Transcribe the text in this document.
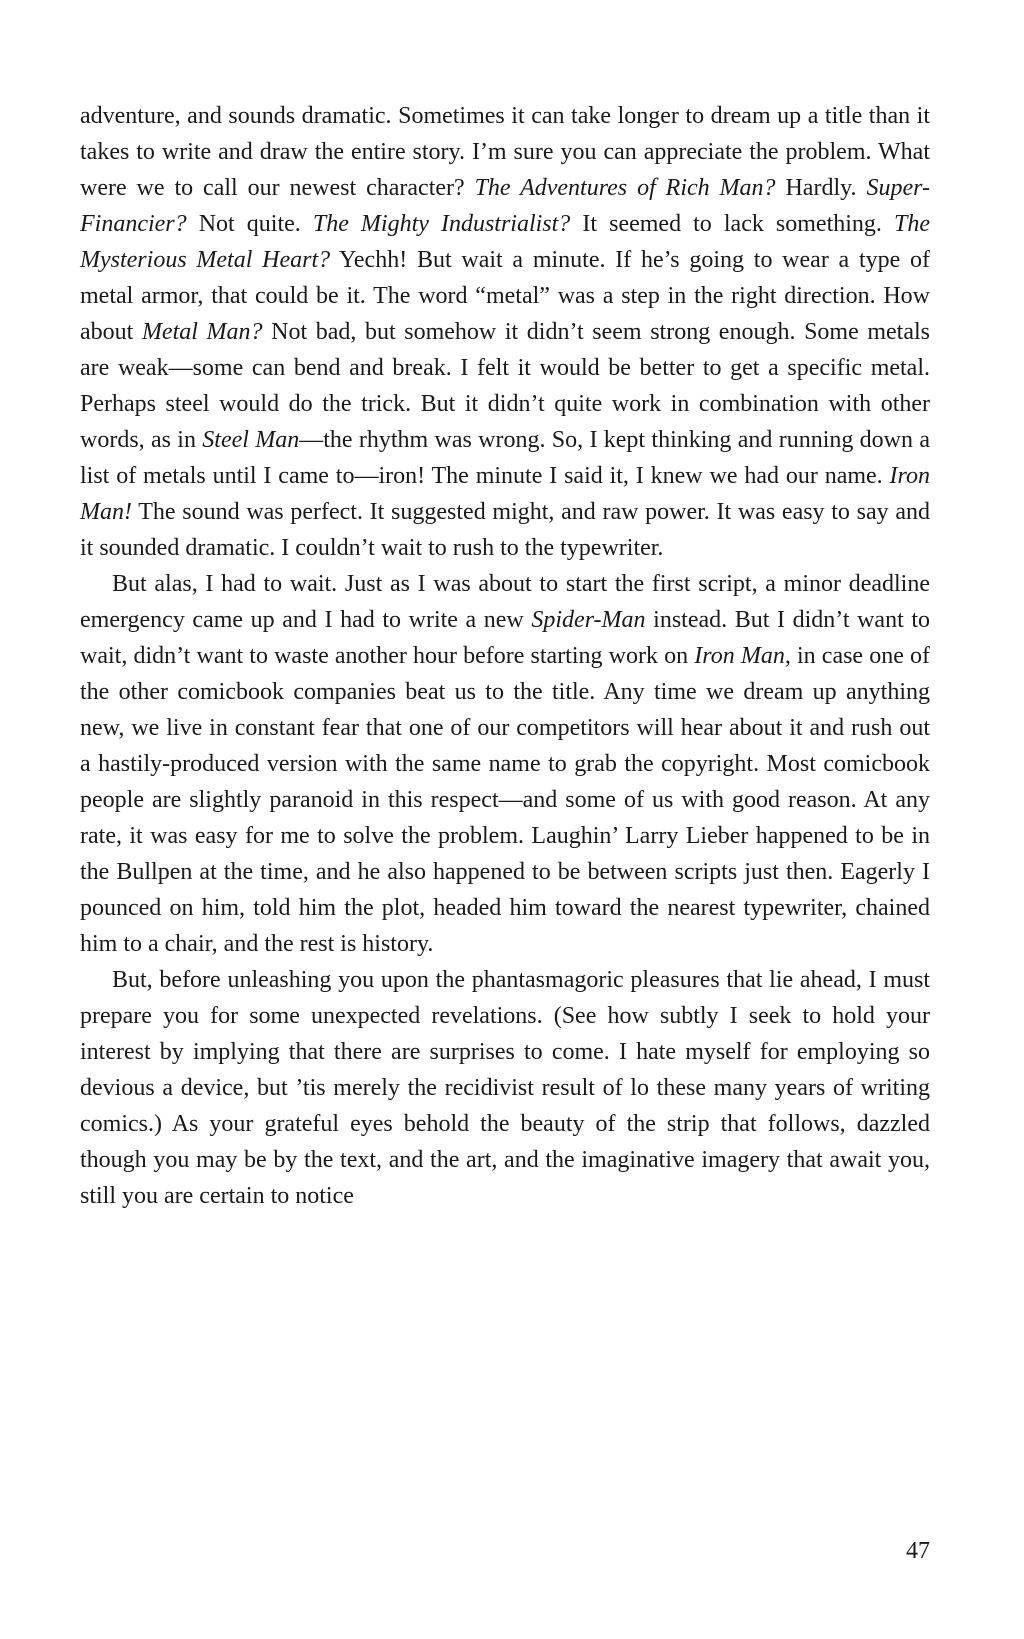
adventure, and sounds dramatic. Sometimes it can take longer to dream up a title than it takes to write and draw the entire story. I’m sure you can appreciate the problem. What were we to call our newest character? The Adventures of Rich Man? Hardly. Super-Financier? Not quite. The Mighty Industrialist? It seemed to lack something. The Mysterious Metal Heart? Yechh! But wait a minute. If he’s going to wear a type of metal armor, that could be it. The word “metal” was a step in the right direction. How about Metal Man? Not bad, but somehow it didn’t seem strong enough. Some metals are weak—some can bend and break. I felt it would be better to get a specific metal. Perhaps steel would do the trick. But it didn’t quite work in combination with other words, as in Steel Man—the rhythm was wrong. So, I kept thinking and running down a list of metals until I came to—iron! The minute I said it, I knew we had our name. Iron Man! The sound was perfect. It suggested might, and raw power. It was easy to say and it sounded dramatic. I couldn’t wait to rush to the typewriter.

But alas, I had to wait. Just as I was about to start the first script, a minor deadline emergency came up and I had to write a new Spider-Man instead. But I didn’t want to wait, didn’t want to waste another hour before starting work on Iron Man, in case one of the other comicbook companies beat us to the title. Any time we dream up anything new, we live in constant fear that one of our competitors will hear about it and rush out a hastily-produced version with the same name to grab the copyright. Most comicbook people are slightly paranoid in this respect—and some of us with good reason. At any rate, it was easy for me to solve the problem. Laughin’ Larry Lieber happened to be in the Bullpen at the time, and he also happened to be between scripts just then. Eagerly I pounced on him, told him the plot, headed him toward the nearest typewriter, chained him to a chair, and the rest is history.

But, before unleashing you upon the phantasmagoric pleasures that lie ahead, I must prepare you for some unexpected revelations. (See how subtly I seek to hold your interest by implying that there are surprises to come. I hate myself for employing so devious a device, but ’tis merely the recidivist result of lo these many years of writing comics.) As your grateful eyes behold the beauty of the strip that follows, dazzled though you may be by the text, and the art, and the imaginative imagery that await you, still you are certain to notice

47
